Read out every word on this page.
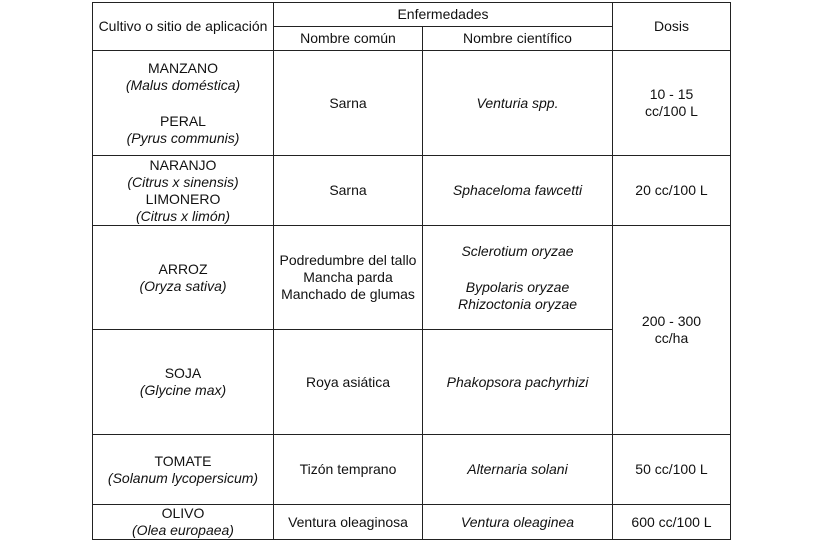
Cultivo o sitio de aplicación	Enfermedades		Dosis
	Nombre común	Nombre científico	

MANZANO
(Malus doméstica)
PERAL
(Pyrus communis)	Sarna	Venturia spp.	10 - 15
cc/100 L

NARANJO
(Citrus x sinensis)
LIMONERO
(Citrus x limón)	Sarna	Sphaceloma fawcetti	20 cc/100 L

ARROZ
(Oryza sativa)	Podredumbre del tallo
Mancha parda
Manchado de glumas	Sclerotium oryzae
Bypolaris oryzae
Rhizoctonia oryzae	200 - 300
cc/ha

SOJA
(Glycine max)	Roya asiática	Phakopsora pachyrhizi	

TOMATE
(Solanum lycopersicum)	Tizón temprano	Alternaria solani	50 cc/100 L

OLIVO
(Olea europaea)	Ventura oleaginosa	Ventura oleaginea	600 cc/100 L
